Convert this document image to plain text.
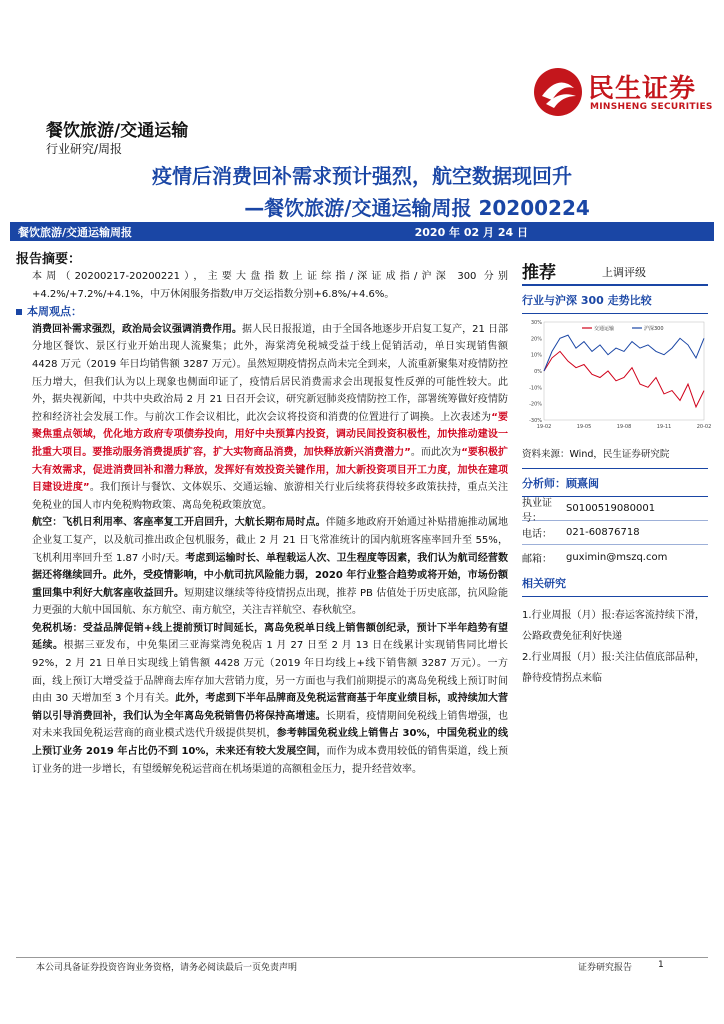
民生证券
MINSHENG SECURITIES
餐饮旅游/交通运输
行业研究/周报
疫情后消费回补需求预计强烈，航空数据现回升
—餐饮旅游/交通运输周报 20200224
餐饮旅游/交通运输周报	2020 年 02 月 24 日
报告摘要：

本周（20200217-20200221），主要大盘指数上证综指/深证成指/沪深 300 分别+4.2%/+7.2%/+4.1%，中万休闲服务指数/申万交运指数分别+6.8%/+4.6%。

本周观点：

消费回补需求强烈，政治局会议强调消费作用。据人民日报报道，由于全国各地逐步开启复工复产，21 日部分地区餐饮、景区行业开始出现人流聚集；此外，海棠湾免税城受益于线上促销活动，单日实现销售额 4428 万元（2019 年日均销售额 3287 万元）。虽然短期疫情拐点尚未完全到来，人流重新聚集对疫情防控压力增大，但我们认为以上现象也侧面印证了，疫情后居民消费需求会出现报复性反弹的可能性较大。此外，据央视新闻，中共中央政治局 2 月 21 日召开会议，研究新冠肺炎疫情防控工作，部署统筹做好疫情防控和经济社会发展工作。与前次工作会议相比，此次会议将投资和消费的位置进行了调换。上次表述为“要聚焦重点领域，优化地方政府专项债券投向，用好中央预算内投资，调动民间投资积极性，加快推动建设一批重大项目。要推动服务消费提质扩容，扩大实物商品消费，加快释放新兴消费潜力”。而此次为“要积极扩大有效需求，促进消费回补和潜力释放，发挥好有效投资关键作用，加大新投资项目开工力度，加快在建项目建设进度”。我们预计与餐饮、文体娱乐、交通运输、旅游相关行业后续将获得较多政策扶持，重点关注免税业的国人市内免税购物政策、离岛免税政策放宽。

航空：飞机日利用率、客座率复工开启回升，大航长期布局时点。伴随多地政府开始通过补贴措施推动属地企业复工复产，以及航司推出政企包机服务，截止 2 月 21 日飞常准统计的国内航班客座率回升至 55%，飞机利用率回升至 1.87 小时/天。考虑到运输时长、单程载运人次、卫生程度等因素，我们认为航司经营数据还将继续回升。此外，受疫情影响，中小航司抗风险能力弱，2020 年行业整合趋势或将开始，市场份额重回集中利好大航客座收益回升。短期建议继续等待疫情拐点出现，推荐 PB 估值处于历史底部，抗风险能力更强的大航中国国航、东方航空、南方航空，关注吉祥航空、春秋航空。

免税机场：受益品牌促销+线上提前预订时间延长，离岛免税单日线上销售额创纪录，预计下半年趋势有望延续。根据三亚发布，中免集团三亚海棠湾免税店 1 月 27 日至 2 月 13 日在线累计实现销售同比增长 92%，2 月 21 日单日实现线上销售额 4428 万元（2019 年日均线上+线下销售额 3287 万元）。一方面，线上预订大增受益于品牌商去库存加大营销力度，另一方面也与我们前期提示的离岛免税线上预订时间由由 30 天增加至 3 个月有关。此外，考虑到下半年品牌商及免税运营商基于年度业绩目标，或持续加大营销以引导消费回补，我们认为全年离岛免税销售仍将保持高增速。长期看，疫情期间免税线上销售增强，也对未来我国免税运营商的商业模式迭代升级提供契机，参考韩国免税业线上销售占 30%，中国免税业的线上预订业务 2019 年占比仍不到 10%，未来还有较大发展空间，而作为成本费用较低的销售渠道，线上预订业务的进一步增长，有望缓解免税运营商在机场渠道的高额租金压力，提升经营效率。

推荐	上调评级
行业与沪深 300 走势比较
交通运输	沪深300
30%
20%
10%
0%
-10%
-20%
-30%
19-02	19-05	19-08	19-11	20-02
资料来源：Wind，民生证券研究院
分析师：顾熹闽
执业证号：
S0100519080001
电话：	021-60876718
邮箱：	guximin@mszq.com
相关研究
1.行业周报（月）报:春运客流持续下滑，公路政费免征利好快递
2.行业周报（月）报:关注估值底部品种，静待疫情拐点来临
本公司具备证券投资咨询业务资格，请务必阅读最后一页免责声明	证券研究报告	1
